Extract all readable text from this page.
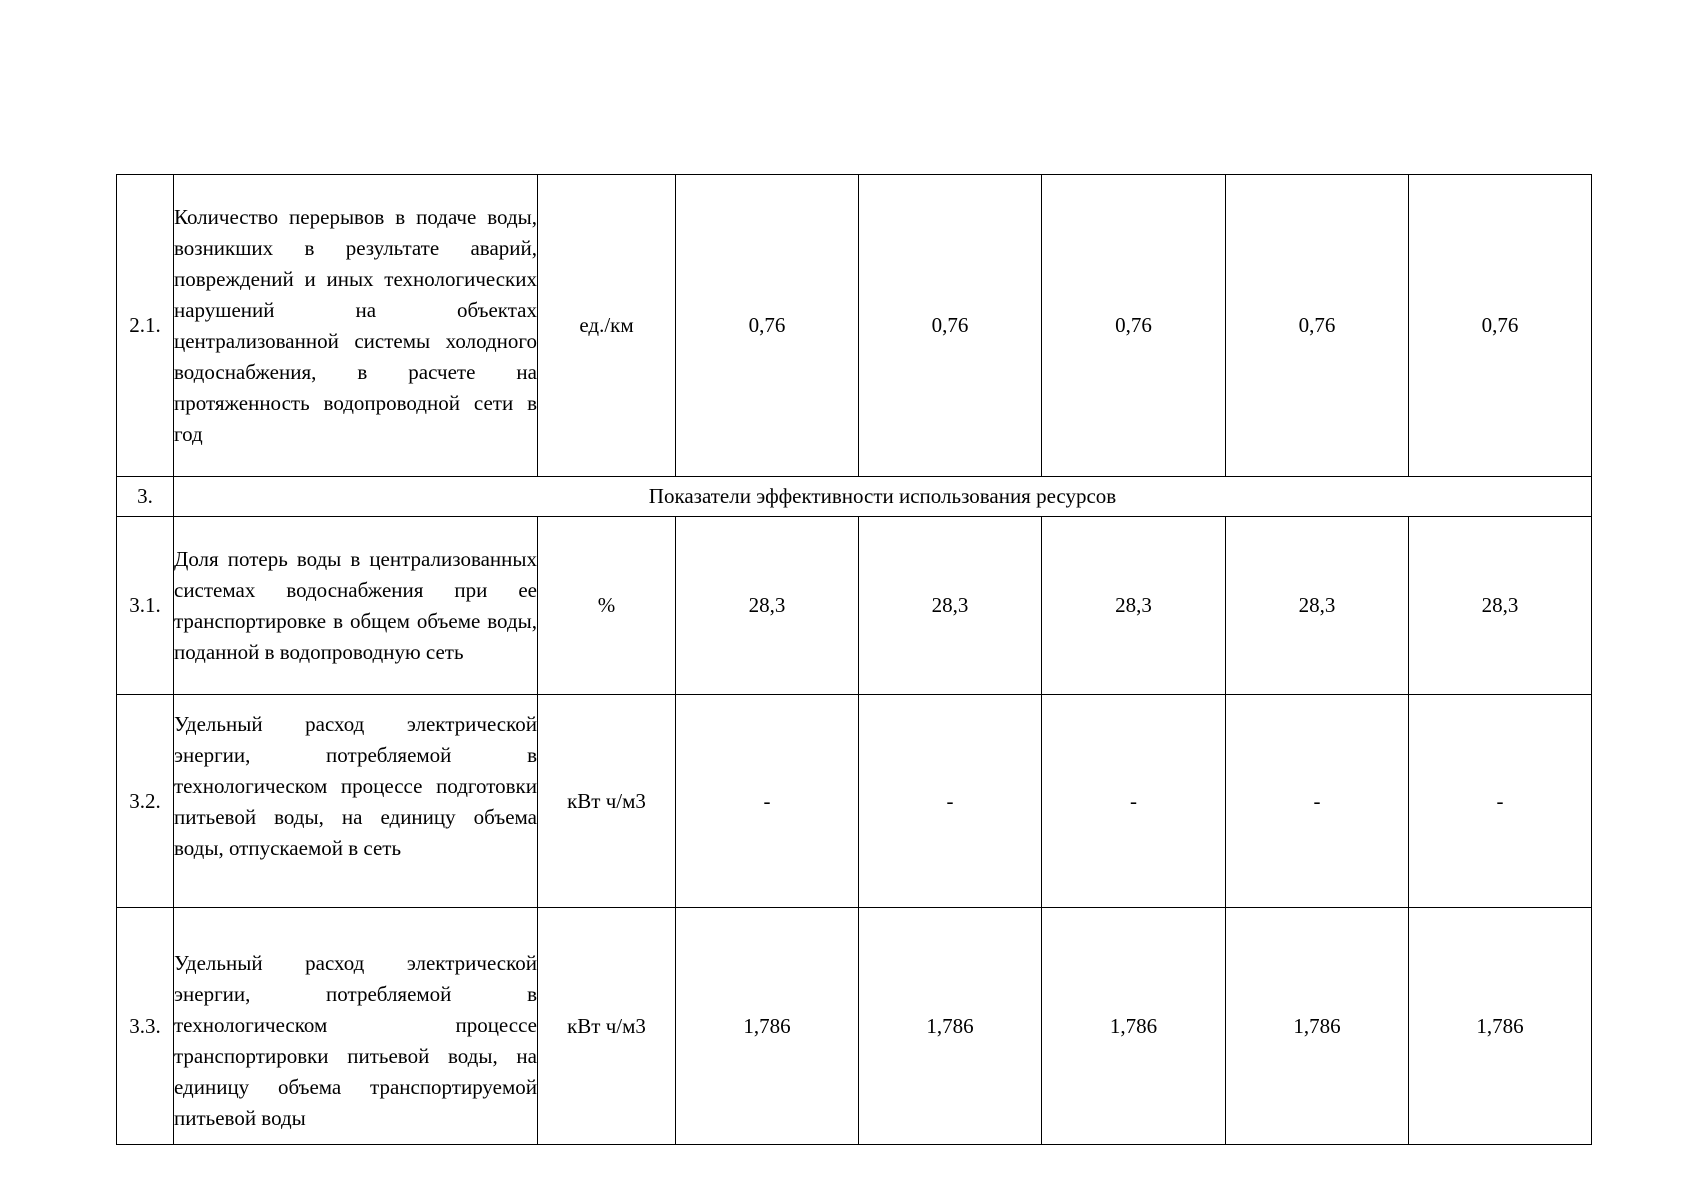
2.1.	Количество перерывов в подаче воды, возникших в результате аварий, повреждений и иных технологических нарушений на объектах централизованной системы холодного водоснабжения, в расчете на протяженность водопроводной сети в год	ед./км	0,76	0,76	0,76	0,76	0,76
3.	Показатели эффективности использования ресурсов						
3.1.	Доля потерь воды в централизованных системах водоснабжения при ее транспортировке в общем объеме воды, поданной в водопроводную сеть	%	28,3	28,3	28,3	28,3	28,3
3.2.	Удельный расход электрической энергии, потребляемой в технологическом процессе подготовки питьевой воды, на единицу объема воды, отпускаемой в сеть	кВт ч/м3	-	-	-	-	-
3.3.	Удельный расход электрической энергии, потребляемой в технологическом процессе транспортировки питьевой воды, на единицу объема транспортируемой питьевой воды	кВт ч/м3	1,786	1,786	1,786	1,786	1,786
